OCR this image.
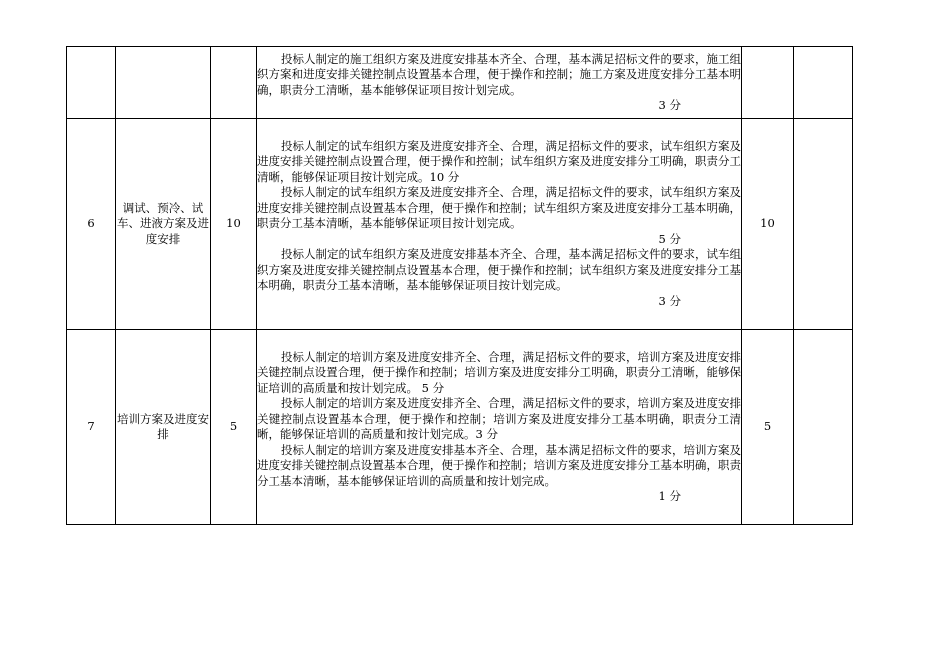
			投标人制定的施工组织方案及进度安排基本齐全、合理，基本满足招标文件的要求，施工组织方案和进度安排关键控制点设置基本合理，便于操作和控制；施工方案及进度安排分工基本明确，职责分工清晰，基本能够保证项目按计划完成。
3 分		

6	调试、预冷、试车、进液方案及进度安排	10	投标人制定的试车组织方案及进度安排齐全、合理，满足招标文件的要求，试车组织方案及进度安排关键控制点设置合理，便于操作和控制；试车组织方案及进度安排分工明确，职责分工清晰，能够保证项目按计划完成。10 分
投标人制定的试车组织方案及进度安排齐全、合理，满足招标文件的要求，试车组织方案及进度安排关键控制点设置基本合理，便于操作和控制；试车组织方案及进度安排分工基本明确，职责分工基本清晰，基本能够保证项目按计划完成。
5 分
投标人制定的试车组织方案及进度安排基本齐全、合理，基本满足招标文件的要求，试车组织方案及进度安排关键控制点设置基本合理，便于操作和控制；试车组织方案及进度安排分工基本明确，职责分工基本清晰，基本能够保证项目按计划完成。
3 分	10	
7	培训方案及进度安排	5	投标人制定的培训方案及进度安排齐全、合理，满足招标文件的要求，培训方案及进度安排关键控制点设置合理，便于操作和控制；培训方案及进度安排分工明确，职责分工清晰，能够保证培训的高质量和按计划完成。 5 分
投标人制定的培训方案及进度安排齐全、合理，满足招标文件的要求，培训方案及进度安排关键控制点设置基本合理，便于操作和控制；培训方案及进度安排分工基本明确，职责分工清晰，能够保证培训的高质量和按计划完成。3 分
投标人制定的培训方案及进度安排基本齐全、合理，基本满足招标文件的要求，培训方案及进度安排关键控制点设置基本合理，便于操作和控制；培训方案及进度安排分工基本明确，职责分工基本清晰，基本能够保证培训的高质量和按计划完成。
1 分	5	
